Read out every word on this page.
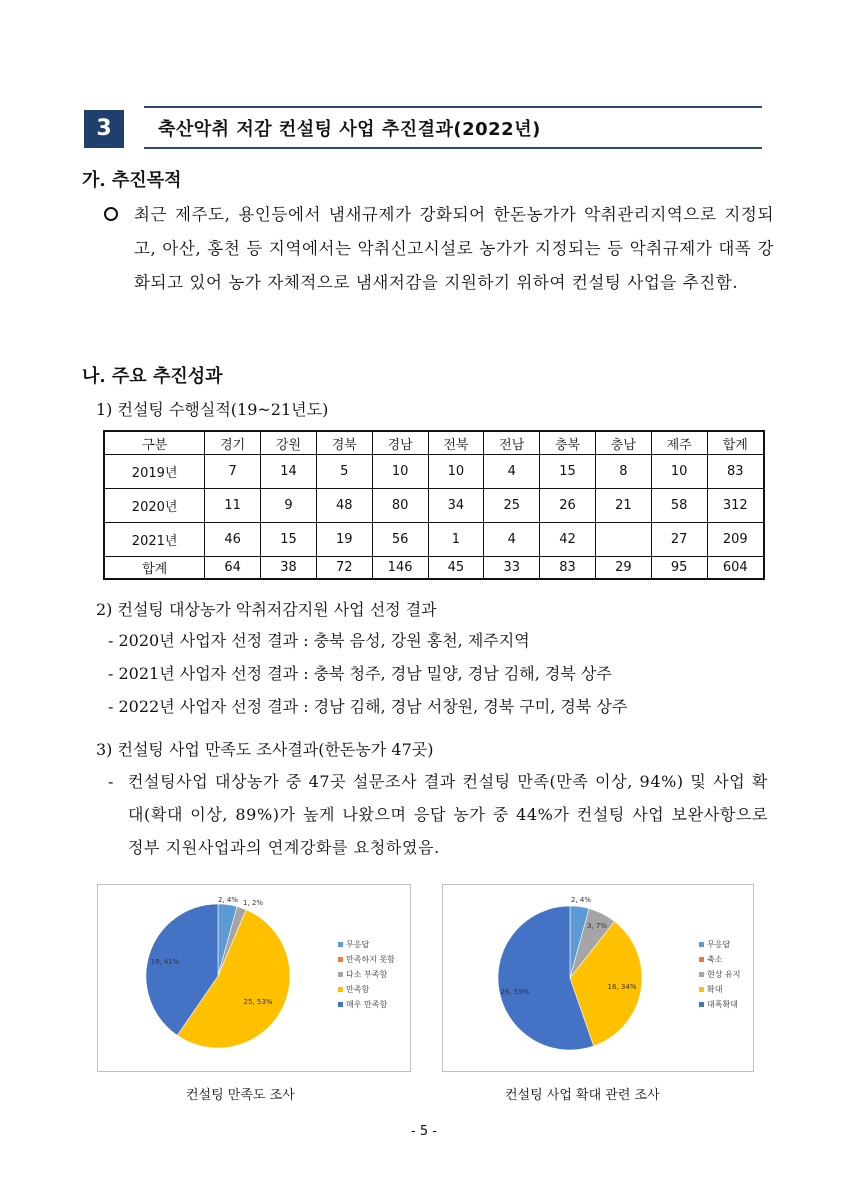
3	축산악취 저감 컨설팅 사업 추진결과(2022년)
가. 추진목적
최근 제주도, 용인등에서 냄새규제가 강화되어 한돈농가가 악취관리지역으로 지정되고, 아산, 홍천 등 지역에서는 악취신고시설로 농가가 지정되는 등 악취규제가 대폭 강화되고 있어 농가 자체적으로 냄새저감을 지원하기 위하여 컨설팅 사업을 추진함.
나. 주요 추진성과
1) 컨설팅 수행실적(19~21년도)
구분	경기	강원	경북	경남	전북	전남	충북	충남	제주	합계
2019년	7	14	5	10	10	4	15	8	10	83
2020년	11	9	48	80	34	25	26	21	58	312
2021년	46	15	19	56	1	4	42		27	209
합계	64	38	72	146	45	33	83	29	95	604
2) 컨설팅 대상농가 악취저감지원 사업 선정 결과
- 2020년 사업자 선정 결과 : 충북 음성, 강원 홍천, 제주지역
- 2021년 사업자 선정 결과 : 충북 청주, 경남 밀양, 경남 김해, 경북 상주
- 2022년 사업자 선정 결과 : 경남 김해, 경남 서창원, 경북 구미, 경북 상주
3) 컨설팅 사업 만족도 조사결과(한돈농가 47곳)
- 컨설팅사업 대상농가 중 47곳 설문조사 결과 컨설팅 만족(만족 이상, 94%) 및 사업 확대(확대 이상, 89%)가 높게 나왔으며 응답 농가 중 44%가 컨설팅 사업 보완사항으로 정부 지원사업과의 연계강화를 요청하였음.
2, 4% 1, 2%
25, 53%
19, 41%
무응답
만족하지 못함
다소 부족함
만족함
매우 만족함
컨설팅 만족도 조사
2, 4%
3, 7%
16, 34%
26, 55%
무응답
축소
현상 유지
확대
대폭확대
컨설팅 사업 확대 관련 조사
- 5 -
